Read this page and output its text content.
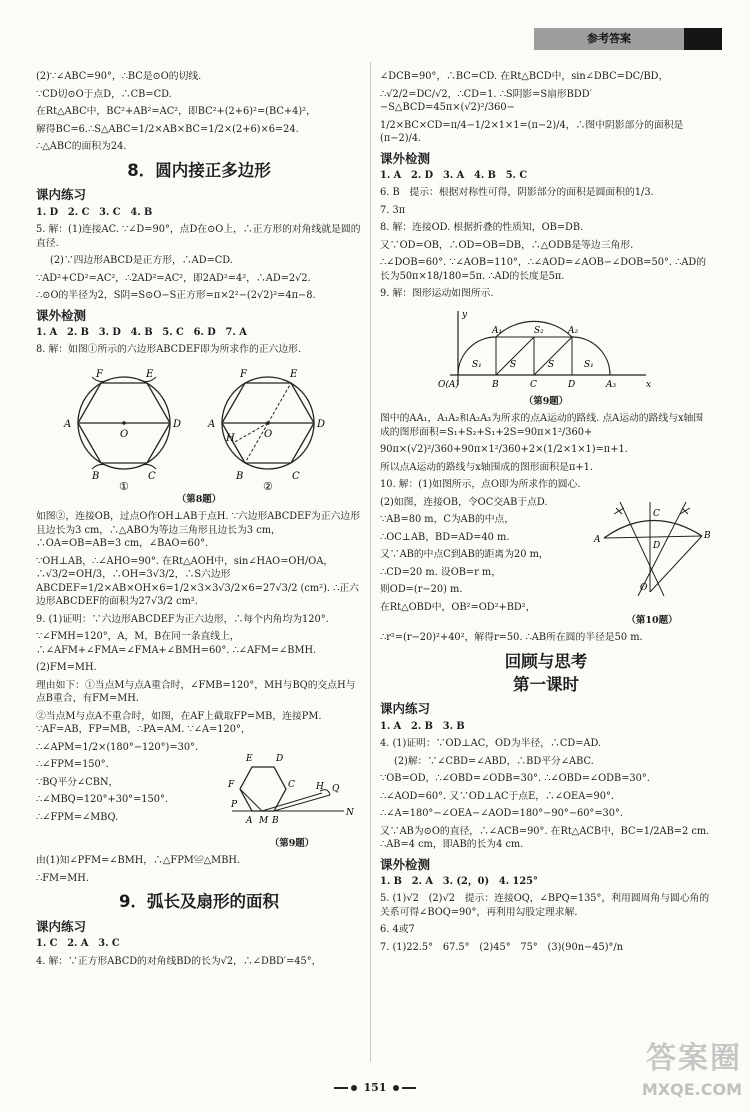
参考答案

(2)∵∠ABC=90°，∴BC是⊙O的切线.

∵CD切⊙O于点D，∴CB=CD.

在Rt△ABC中，BC²+AB²=AC²，即BC²+(2+6)²=(BC+4)²，

解得BC=6.∴S△ABC=1/2×AB×BC=1/2×(2+6)×6=24.

∴△ABC的面积为24.

8．圆内接正多边形
课内练习

1. D　2. C　3. C　4. B

5. 解：(1)连接AC. ∵∠D=90°，点D在⊙O上，∴正方形的对角线就是圆的直径.

(2)∵四边形ABCD是正方形，∴AD=CD.

∵AD²+CD²=AC²，∴2AD²=AC²，即2AD²=4²，∴AD=2√2.

∴⊙O的半径为2，S阴=S⊙O−S正方形=π×2²−(2√2)²=4π−8.

课外检测

1. A　2. B　3. D　4. B　5. C　6. D　7. A

8. 解：如图①所示的六边形ABCDEF即为所求作的正六边形.

F	E
A	D
O
B	C
①
F	E
A	D
H	O
B	C
②
（第8题）

如图②，连接OB，过点O作OH⊥AB于点H. ∵六边形ABCDEF为正六边形且边长为3 cm，∴△ABO为等边三角形且边长为3 cm，∴OA=OB=AB=3 cm，∠BAO=60°.

∵OH⊥AB，∴∠AHO=90°. 在Rt△AOH中，sin∠HAO=OH/OA，∴√3/2=OH/3，∴OH=3√3/2，∴S六边形ABCDEF=1/2×AB×OH×6=1/2×3×3√3/2×6=27√3/2 (cm²). ∴正六边形ABCDEF的面积为27√3/2 cm².

9. (1)证明：∵六边形ABCDEF为正六边形，∴每个内角均为120°.

∵∠FMH=120°，A，M，B在同一条直线上，∴∠AFM+∠FMA=∠FMA+∠BMH=60°. ∴∠AFM=∠BMH.

(2)FM=MH.

理由如下：①当点M与点A重合时，∠FMB=120°，MH与BQ的交点H与点B重合，有FM=MH.

②当点M与点A不重合时，如图，在AF上截取FP=MB，连接PM. ∵AF=AB，FP=MB，∴PA=AM. ∵∠A=120°，

∴∠APM=1/2×(180°−120°)=30°.

∴∠FPM=150°.

∵BQ平分∠CBN，

∴∠MBQ=120°+30°=150°.

∴∠FPM=∠MBQ.

E	D
F	C
P
A M B
N
Q
H
（第9题）

由(1)知∠PFM=∠BMH，∴△FPM≌△MBH.

∴FM=MH.

9．弧长及扇形的面积
课内练习

1. C　2. A　3. C

4. 解：∵正方形ABCD的对角线BD的长为√2，∴∠DBD′=45°，

∠DCB=90°，∴BC=CD. 在Rt△BCD中，sin∠DBC=DC/BD，

∴√2/2=DC/√2，∴CD=1. ∴S阴影=S扇形BDD′−S△BCD=45π×(√2)²/360−

1/2×BC×CD=π/4−1/2×1×1=(π−2)/4，∴图中阴影部分的面积是(π−2)/4.

课外检测

1. A　2. D　3. A　4. B　5. C

6. B　提示：根据对称性可得，阴影部分的面积是圆面积的1/3.

7. 3π

8. 解：连接OD. 根据折叠的性质知，OB=DB.

又∵OD=OB，∴OD=OB=DB，∴△ODB是等边三角形.

∴∠DOB=60°. ∵∠AOB=110°，∴∠AOD=∠AOB−∠DOB=50°. ∴AD的长为50π×18/180=5π. ∴AD的长度是5π.

9. 解：图形运动如图所示.

y
x
A₁	A₂
S₁
S₂
S	S	S₁
O(A)	B	C	D	A₃
（第9题）

图中的AA₁，A₁A₂和A₂A₃为所求的点A运动的路线. 点A运动的路线与x轴围成的图形面积=S₁+S₂+S₁+2S=90π×1²/360+

90π×(√2)²/360+90π×1²/360+2×(1/2×1×1)=π+1.

所以点A运动的路线与x轴围成的图形面积是π+1.

10. 解：(1)如图所示，点O即为所求作的圆心.

(2)如图，连接OB，令OC交AB于点D.

∵AB=80 m，C为AB的中点，

∴OC⊥AB，BD=AD=40 m.

又∵AB的中点C到AB的距离为20 m，

∴CD=20 m. 设OB=r m，

则OD=(r−20) m.

在Rt△OBD中，OB²=OD²+BD²，

A	B
C
D
O
（第10题）

∴r²=(r−20)²+40²，解得r=50. ∴AB所在圆的半径是50 m.

回顾与思考
第一课时
课内练习

1. A　2. B　3. B

4. (1)证明：∵OD⊥AC，OD为半径，∴CD=AD.

(2)解：∵∠CBD=∠ABD，∴BD平分∠ABC.

∵OB=OD，∴∠OBD=∠ODB=30°. ∴∠OBD=∠ODB=30°.

∴∠AOD=60°. 又∵OD⊥AC于点E，∴∠OEA=90°.

∴∠A=180°−∠OEA−∠AOD=180°−90°−60°=30°.

又∵AB为⊙O的直径，∴∠ACB=90°. 在Rt△ACB中，BC=1/2AB=2 cm. ∴AB=4 cm，即AB的长为4 cm.

课外检测

1. B　2. A　3. (2，0)　4. 125°

5. (1)√2　(2)√2　提示：连接OQ，∠BPQ=135°，利用圆周角与圆心角的关系可得∠BOQ=90°，再利用勾股定理求解.

6. 4或7

7. (1)22.5°　67.5°　(2)45°　75°　(3)(90n−45)°/n

151
答案圈
MXQE.COM
